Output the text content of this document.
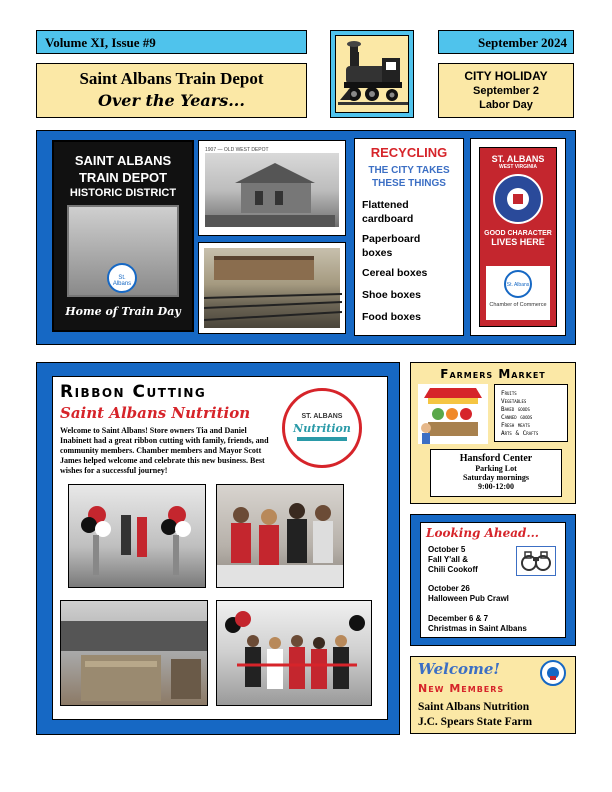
Volume XI, Issue #9	September 2024
Saint Albans Train Depot
Over the Years...
CITY HOLIDAY
September 2
Labor Day
SAINT ALBANS
TRAIN DEPOT
HISTORIC DISTRICT
St. Albans
Home of Train Day
1907 — OLD WEST DEPOT	RECYCLING
THE CITY TAKES THESE THINGS
Flattened cardboard
Paperboard boxes
Cereal boxes
Shoe boxes
Food boxes
ST. ALBANS
WEST VIRGINIA
GOOD CHARACTER
LIVES HERE
St. Albans
Chamber of Commerce
Ribbon Cutting
Saint Albans Nutrition
Welcome to Saint Albans! Store owners Tia and Daniel Inabinett had a great ribbon cutting with family, friends, and community members. Chamber members and Mayor Scott James helped welcome and celebrate this new business. Best wishes for a successful journey!
ST. ALBANS
Nutrition
Farmers Market
Fruits
Vegetables
Baked goods
Canned goods
Fresh meats
Arts & Crafts
Hansford Center
Parking Lot
Saturday mornings
9:00-12:00
Looking Ahead...
October 5
Fall Y'all &
Chili Cookoff
October 26
Halloween Pub Crawl
December 6 & 7
Christmas in Saint Albans
Welcome!
New Members
Saint Albans Nutrition
J.C. Spears State Farm
